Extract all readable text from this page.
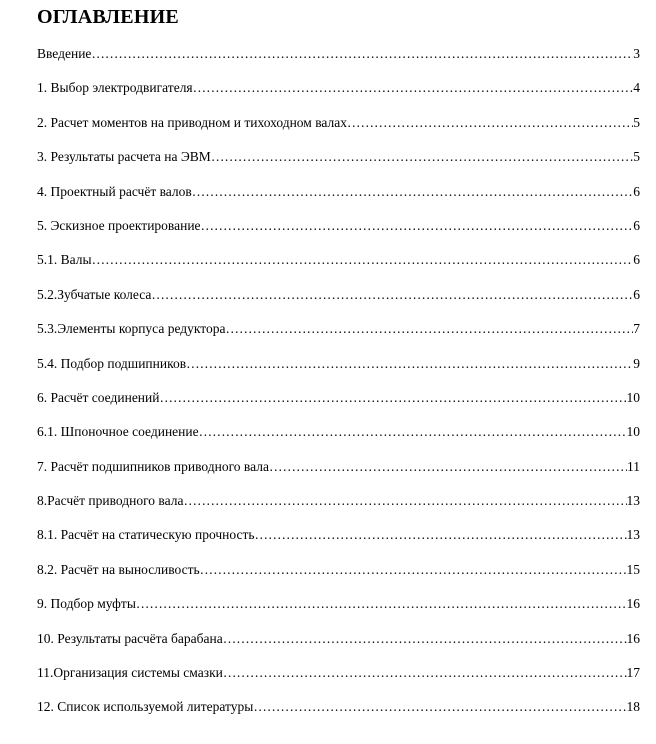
ОГЛАВЛЕНИЕ
Введение ……………………………………………………………………………………………………………………………………………………	3
1. Выбор электродвигателя ……………………………………………………………………………………………………………………………………………………	4
2. Расчет моментов на приводном и тихоходном валах ……………………………………………………………………………………………………………………………………………………	5
3. Результаты расчета на ЭВМ ……………………………………………………………………………………………………………………………………………………	5
4. Проектный расчёт валов ……………………………………………………………………………………………………………………………………………………	6
5. Эскизное проектирование ……………………………………………………………………………………………………………………………………………………	6
5.1. Валы ……………………………………………………………………………………………………………………………………………………	6
5.2.Зубчатые колеса ……………………………………………………………………………………………………………………………………………………	6
5.3.Элементы корпуса редуктора ……………………………………………………………………………………………………………………………………………………	7
5.4. Подбор подшипников ……………………………………………………………………………………………………………………………………………………	9
6. Расчёт соединений ……………………………………………………………………………………………………………………………………………………	10
6.1. Шпоночное соединение ……………………………………………………………………………………………………………………………………………………	10
7. Расчёт подшипников приводного вала ……………………………………………………………………………………………………………………………………………………	11
8.Расчёт приводного вала ……………………………………………………………………………………………………………………………………………………	13
8.1. Расчёт на статическую прочность ……………………………………………………………………………………………………………………………………………………	13
8.2. Расчёт на выносливость ……………………………………………………………………………………………………………………………………………………	15
9. Подбор муфты ……………………………………………………………………………………………………………………………………………………	16
10. Результаты расчёта барабана ……………………………………………………………………………………………………………………………………………………	16
11.Организация системы смазки ……………………………………………………………………………………………………………………………………………………	17
12. Список используемой литературы ……………………………………………………………………………………………………………………………………………………	18
